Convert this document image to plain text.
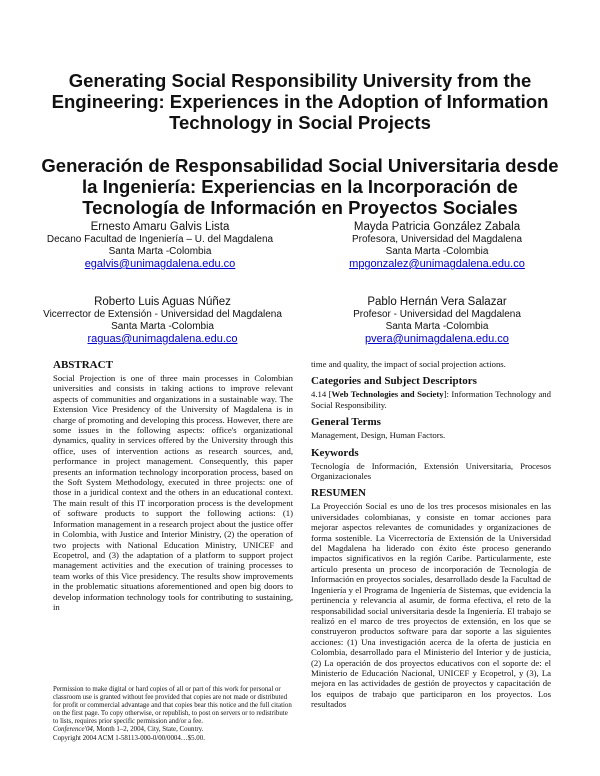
Generating Social Responsibility University from the Engineering: Experiences in the Adoption of Information Technology in Social Projects
Generación de Responsabilidad Social Universitaria desde la Ingeniería: Experiencias en la Incorporación de Tecnología de Información en Proyectos Sociales
Ernesto Amaru Galvis Lista
Decano Facultad de Ingeniería – U. del Magdalena
Santa Marta -Colombia
egalvis@unimagdalena.edu.co
Mayda Patricia González Zabala
Profesora, Universidad del Magdalena
Santa Marta -Colombia
mpgonzalez@unimagdalena.edu.co
Roberto Luis Aguas Núñez
Vicerrector de Extensión - Universidad del Magdalena
Santa Marta -Colombia
raguas@unimagdalena.edu.co
Pablo Hernán Vera Salazar
Profesor - Universidad del Magdalena
Santa Marta -Colombia
pvera@unimagdalena.edu.co
ABSTRACT

Social Projection is one of three main processes in Colombian universities and consists in taking actions to improve relevant aspects of communities and organizations in a sustainable way. The Extension Vice Presidency of the University of Magdalena is in charge of promoting and developing this process. However, there are some issues in the following aspects: office's organizational dynamics, quality in services offered by the University through this office, uses of intervention actions as research sources, and, performance in project management. Consequently, this paper presents an information technology incorporation process, based on the Soft System Methodology, executed in three projects: one of those in a juridical context and the others in an educational context. The main result of this IT incorporation process is the development of software products to support the following actions: (1) Information management in a research project about the justice offer in Colombia, with Justice and Interior Ministry, (2) the operation of two projects with National Education Ministry, UNICEF and Ecopetrol, and (3) the adaptation of a platform to support project management activities and the execution of training processes to team works of this Vice presidency. The results show improvements in the problematic situations aforementioned and open big doors to develop information technology tools for contributing to sustaining, in

Permission to make digital or hard copies of all or part of this work for personal or classroom use is granted without fee provided that copies are not made or distributed for profit or commercial advantage and that copies bear this notice and the full citation on the first page. To copy otherwise, or republish, to post on servers or to redistribute to lists, requires prior specific permission and/or a fee.

Conference'04, Month 1–2, 2004, City, State, Country.

Copyright 2004 ACM 1-58113-000-0/00/0004…$5.00.

time and quality, the impact of social projection actions.

Categories and Subject Descriptors

4.14 [Web Technologies and Society]: Information Technology and Social Responsibility.

General Terms

Management, Design, Human Factors.

Keywords

Tecnología de Información, Extensión Universitaria, Procesos Organizacionales

RESUMEN

La Proyección Social es uno de los tres procesos misionales en las universidades colombianas, y consiste en tomar acciones para mejorar aspectos relevantes de comunidades y organizaciones de forma sostenible. La Vicerrectoría de Extensión de la Universidad del Magdalena ha liderado con éxito éste proceso generando impactos significativos en la región Caribe. Particularmente, este artículo presenta un proceso de incorporación de Tecnología de Información en proyectos sociales, desarrollado desde la Facultad de Ingeniería y el Programa de Ingeniería de Sistemas, que evidencia la pertinencia y relevancia al asumir, de forma efectiva, el reto de la responsabilidad social universitaria desde la Ingeniería. El trabajo se realizó en el marco de tres proyectos de extensión, en los que se construyeron productos software para dar soporte a las siguientes acciones: (1) Una investigación acerca de la oferta de justicia en Colombia, desarrollado para el Ministerio del Interior y de justicia, (2) La operación de dos proyectos educativos con el soporte de: el Ministerio de Educación Nacional, UNICEF y Ecopetrol, y (3), La mejora en las actividades de gestión de proyectos y capacitación de los equipos de trabajo que participaron en los proyectos. Los resultados
